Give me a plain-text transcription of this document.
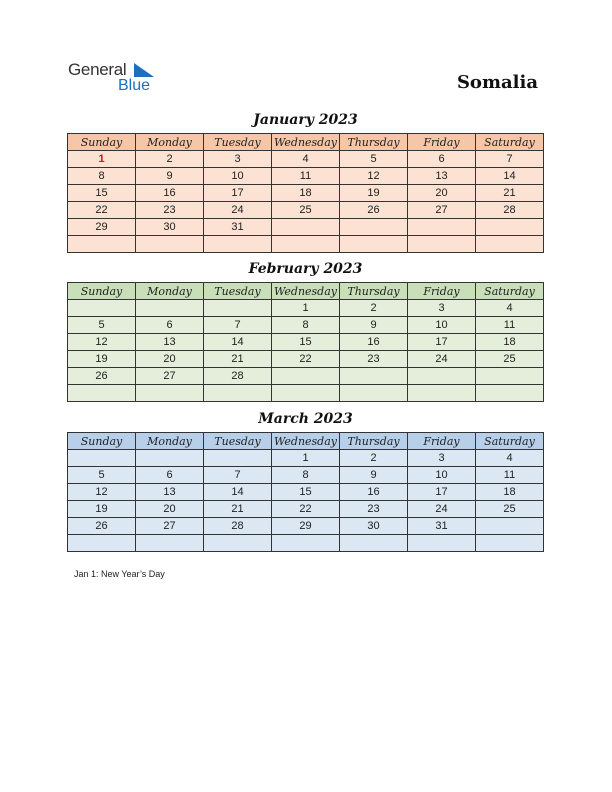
General
Blue	Somalia
January 2023
Sunday	Monday	Tuesday	Wednesday	Thursday	Friday	Saturday
1	2	3	4	5	6	7
8	9	10	11	12	13	14
15	16	17	18	19	20	21
22	23	24	25	26	27	28
29	30	31				

February 2023
Sunday	Monday	Tuesday	Wednesday	Thursday	Friday	Saturday
			1	2	3	4
5	6	7	8	9	10	11
12	13	14	15	16	17	18
19	20	21	22	23	24	25
26	27	28				

March 2023
Sunday	Monday	Tuesday	Wednesday	Thursday	Friday	Saturday
			1	2	3	4
5	6	7	8	9	10	11
12	13	14	15	16	17	18
19	20	21	22	23	24	25
26	27	28	29	30	31	

Jan 1: New Year’s Day
